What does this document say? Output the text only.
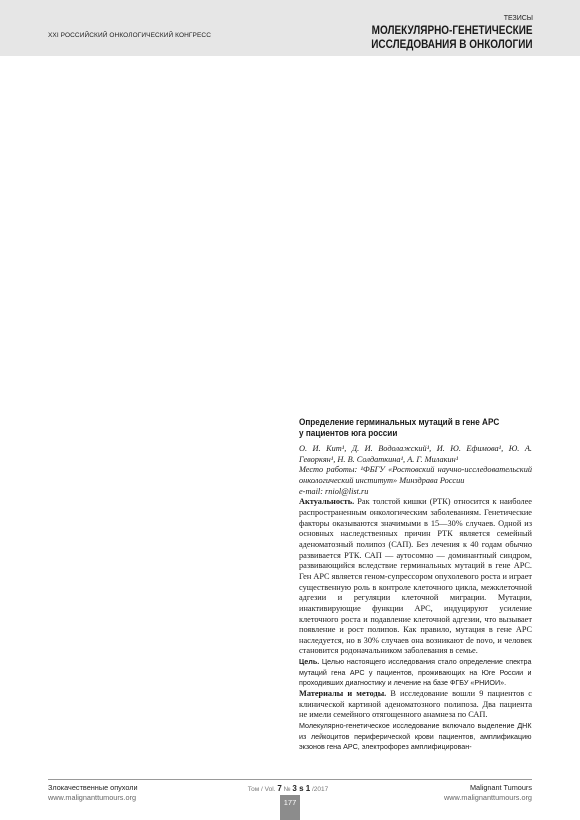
XXI РОССИЙСКИЙ ОНКОЛОГИЧЕСКИЙ КОНГРЕСС
ТЕЗИСЫ
МОЛЕКУЛЯРНО-ГЕНЕТИЧЕСКИЕ
ИССЛЕДОВАНИЯ В ОНКОЛОГИИ
Определение герминальных мутаций в гене APC
у пациентов юга россии

О. И. Кит¹, Д. И. Водолажский¹, И. Ю. Ефимова¹, Ю. А. Геворкян¹, Н. В. Солдаткина¹, А. Г. Милакин¹

Место работы: ¹ФБГУ «Ростовский научно-исследовательский онкологический институт» Минздрава России

e-mail: rniol@list.ru

Актуальность. Рак толстой кишки (РТК) относится к наиболее распространенным онкологическим заболеваниям. Генетические факторы оказываются значимыми в 15—30% случаев. Одной из основных наследственных причин РТК является семейный аденоматозный полипоз (САП). Без лечения к 40 годам обычно развивается РТК. САП — аутосомно — доминантный синдром, развивающийся вследствие герминальных мутаций в гене APC. Ген APC является геном-супрессором опухолевого роста и играет существенную роль в контроле клеточного цикла, межклеточной адгезии и регуляции клеточной миграции. Мутации, инактивирующие функции APC, индуцируют усиление клеточного роста и подавление клеточной адгезии, что вызывает появление и рост полипов. Как правило, мутация в гене APC наследуется, но в 30% случаев она возникают de novo, и человек становится родоначальником заболевания в семье.

Цель. Целью настоящего исследования стало определение спектра мутаций гена APC у пациентов, проживающих на Юге России и проходивших диагностику и лечение на базе ФГБУ «РНИОИ».

Материалы и методы. В исследование вошли 9 пациентов с клинической картиной аденоматозного полипоза. Два пациента не имели семейного отягощенного анамнеза по САП.

Молекулярно-генетическое исследование включало выделение ДНК из лейкоцитов периферической крови пациентов, амплификацию экзонов гена APC, электрофорез амплифицирован-

Злокачественные опухоли
www.malignanttumours.org
Том / Vol. 7 № 3 s 1 /2017
177
Malignant Tumours
www.malignanttumours.org
